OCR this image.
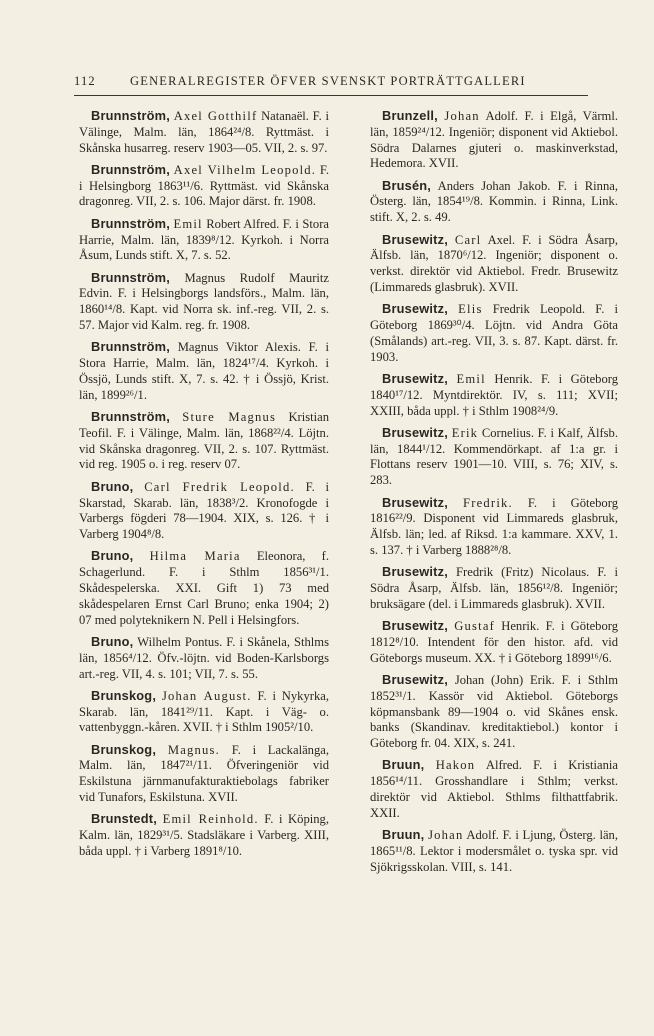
112	GENERALREGISTER ÖFVER SVENSKT PORTRÄTTGALLERI

Brunnström, Axel Gotthilf Natanaël. F. i Välinge, Malm. län, 1864²⁴/8. Ryttmäst. i Skånska husarreg. reserv 1903—05. VII, 2. s. 97.

Brunnström, Axel Vilhelm Leopold. F. i Helsingborg 1863¹¹/6. Ryttmäst. vid Skånska dragonreg. VII, 2. s. 106. Major därst. fr. 1908.

Brunnström, Emil Robert Alfred. F. i Stora Harrie, Malm. län, 1839⁸/12. Kyrkoh. i Norra Åsum, Lunds stift. X, 7. s. 52.

Brunnström, Magnus Rudolf Mauritz Edvin. F. i Helsingborgs landsförs., Malm. län, 1860¹⁴/8. Kapt. vid Norra sk. inf.-reg. VII, 2. s. 57. Major vid Kalm. reg. fr. 1908.

Brunnström, Magnus Viktor Alexis. F. i Stora Harrie, Malm. län, 1824¹⁷/4. Kyrkoh. i Össjö, Lunds stift. X, 7. s. 42. † i Össjö, Krist. län, 1899²⁶/1.

Brunnström, Sture Magnus Kristian Teofil. F. i Välinge, Malm. län, 1868²²/4. Löjtn. vid Skånska dragonreg. VII, 2. s. 107. Ryttmäst. vid reg. 1905 o. i reg. reserv 07.

Bruno, Carl Fredrik Leopold. F. i Skarstad, Skarab. län, 1838³/2. Kronofogde i Varbergs fögderi 78—1904. XIX, s. 126. † i Varberg 1904⁸/8.

Bruno, Hilma Maria Eleonora, f. Schagerlund. F. i Sthlm 1856³¹/1. Skådespelerska. XXI. Gift 1) 73 med skådespelaren Ernst Carl Bruno; enka 1904; 2) 07 med polyteknikern N. Pell i Helsingfors.

Bruno, Wilhelm Pontus. F. i Skånela, Sthlms län, 1856⁴/12. Öfv.-löjtn. vid Boden-Karlsborgs art.-reg. VII, 4. s. 101; VII, 7. s. 55.

Brunskog, Johan August. F. i Nykyrka, Skarab. län, 1841²⁹/11. Kapt. i Väg- o. vattenbyggn.-kåren. XVII. † i Sthlm 1905²/10.

Brunskog, Magnus. F. i Lackalänga, Malm. län, 1847²¹/11. Öfveringeniör vid Eskilstuna järnmanufakturaktiebolags fabriker vid Tunafors, Eskilstuna. XVII.

Brunstedt, Emil Reinhold. F. i Köping, Kalm. län, 1829³¹/5. Stadsläkare i Varberg. XIII, båda uppl. † i Varberg 1891⁸/10.

Brunzell, Johan Adolf. F. i Elgå, Värml. län, 1859²⁴/12. Ingeniör; disponent vid Aktiebol. Södra Dalarnes gjuteri o. maskinverkstad, Hedemora. XVII.

Brusén, Anders Johan Jakob. F. i Rinna, Österg. län, 1854¹⁹/8. Kommin. i Rinna, Link. stift. X, 2. s. 49.

Brusewitz, Carl Axel. F. i Södra Åsarp, Älfsb. län, 1870⁶/12. Ingeniör; disponent o. verkst. direktör vid Aktiebol. Fredr. Brusewitz (Limmareds glasbruk). XVII.

Brusewitz, Elis Fredrik Leopold. F. i Göteborg 1869³⁰/4. Löjtn. vid Andra Göta (Smålands) art.-reg. VII, 3. s. 87. Kapt. därst. fr. 1903.

Brusewitz, Emil Henrik. F. i Göteborg 1840¹⁷/12. Myntdirektör. IV, s. 111; XVII; XXIII, båda uppl. † i Sthlm 1908²⁴/9.

Brusewitz, Erik Cornelius. F. i Kalf, Älfsb. län, 1844¹/12. Kommendörkapt. af 1:a gr. i Flottans reserv 1901—10. VIII, s. 76; XIV, s. 283.

Brusewitz, Fredrik. F. i Göteborg 1816²²/9. Disponent vid Limmareds glasbruk, Älfsb. län; led. af Riksd. 1:a kammare. XXV, 1. s. 137. † i Varberg 1888²⁸/8.

Brusewitz, Fredrik (Fritz) Nicolaus. F. i Södra Åsarp, Älfsb. län, 1856¹²/8. Ingeniör; bruksägare (del. i Limmareds glasbruk). XVII.

Brusewitz, Gustaf Henrik. F. i Göteborg 1812⁸/10. Intendent för den histor. afd. vid Göteborgs museum. XX. † i Göteborg 1899¹⁶/6.

Brusewitz, Johan (John) Erik. F. i Sthlm 1852³¹/1. Kassör vid Aktiebol. Göteborgs köpmansbank 89—1904 o. vid Skånes ensk. banks (Skandinav. kreditaktiebol.) kontor i Göteborg fr. 04. XIX, s. 241.

Bruun, Hakon Alfred. F. i Kristiania 1856¹⁴/11. Grosshandlare i Sthlm; verkst. direktör vid Aktiebol. Sthlms filthattfabrik. XXII.

Bruun, Johan Adolf. F. i Ljung, Österg. län, 1865¹¹/8. Lektor i modersmålet o. tyska spr. vid Sjökrigsskolan. VIII, s. 141.
